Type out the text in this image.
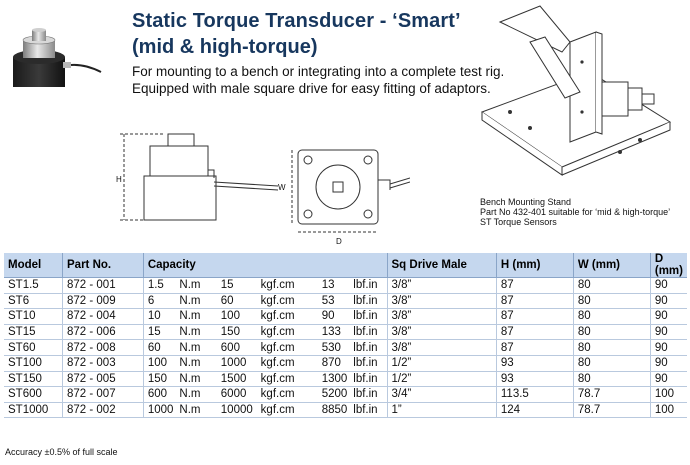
Static Torque Transducer - ‘Smart’
(mid & high-torque)
For mounting to a bench or integrating into a complete test rig.
Equipped with male square drive for easy fitting of adaptors.
H
W
D
Bench Mounting Stand
Part No 432-401 suitable for ‘mid & high-torque’
ST Torque Sensors
Model	Part No.	Capacity						Sq Drive Male	H (mm)	W (mm)	D (mm)
ST1.5	872 - 001	1.5	N.m	15	kgf.cm	13	lbf.in	3/8”	87	80	90
ST6	872 - 009	6	N.m	60	kgf.cm	53	lbf.in	3/8”	87	80	90
ST10	872 - 004	10	N.m	100	kgf.cm	90	lbf.in	3/8”	87	80	90
ST15	872 - 006	15	N.m	150	kgf.cm	133	lbf.in	3/8”	87	80	90
ST60	872 - 008	60	N.m	600	kgf.cm	530	lbf.in	3/8”	87	80	90
ST100	872 - 003	100	N.m	1000	kgf.cm	870	lbf.in	1/2”	93	80	90
ST150	872 - 005	150	N.m	1500	kgf.cm	1300	lbf.in	1/2”	93	80	90
ST600	872 - 007	600	N.m	6000	kgf.cm	5200	lbf.in	3/4”	113.5	78.7	100
ST1000	872 - 002	1000	N.m	10000	kgf.cm	8850	lbf.in	1”	124	78.7	100
Accuracy ±0.5% of full scale
